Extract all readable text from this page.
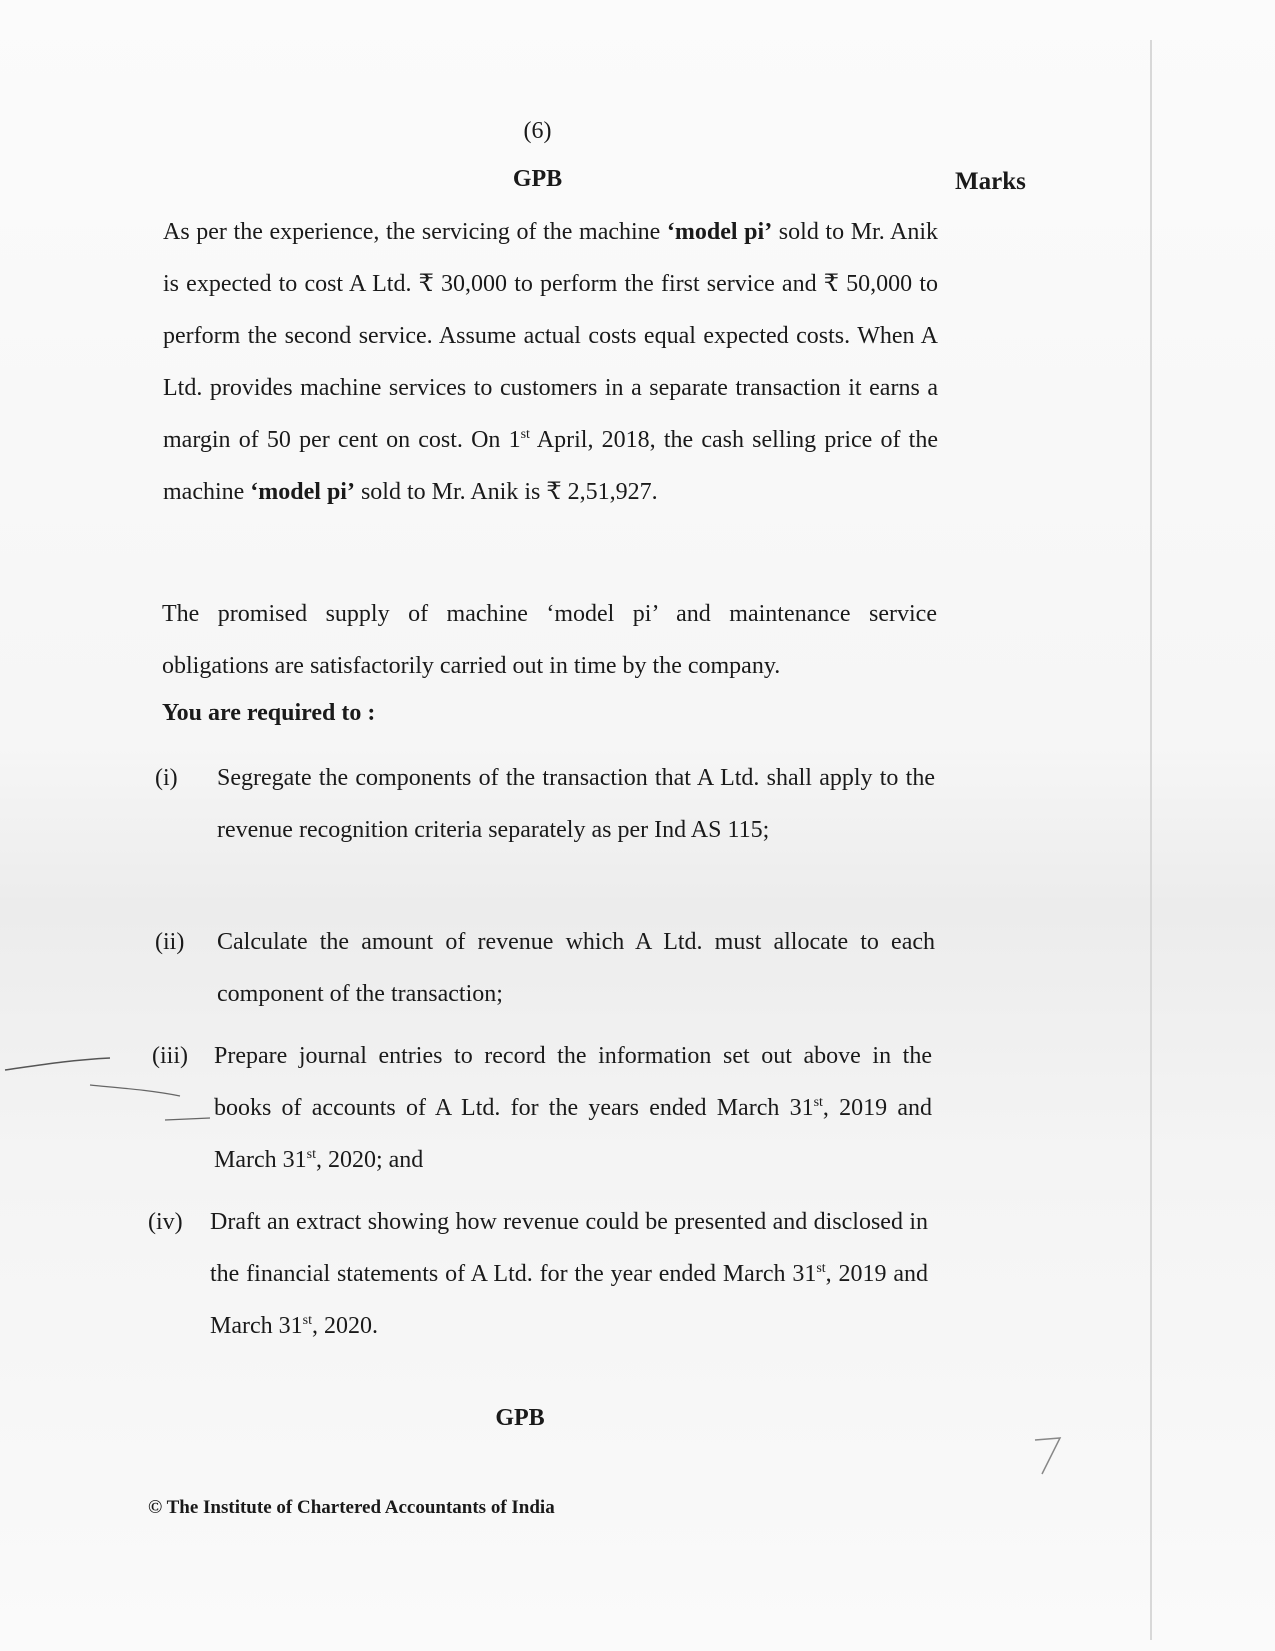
(6)
GPB	Marks
As per the experience, the servicing of the machine ‘model pi’ sold to Mr. Anik is expected to cost A Ltd. ₹ 30,000 to perform the first service and ₹ 50,000 to perform the second service. Assume actual costs equal expected costs. When A Ltd. provides machine services to customers in a separate transaction it earns a margin of 50 per cent on cost. On 1st April, 2018, the cash selling price of the machine ‘model pi’ sold to Mr. Anik is ₹ 2,51,927.
The promised supply of machine ‘model pi’ and maintenance service obligations are satisfactorily carried out in time by the company.
You are required to :
(i)	Segregate the components of the transaction that A Ltd. shall apply to the revenue recognition criteria separately as per Ind AS 115;
(ii)	Calculate the amount of revenue which A Ltd. must allocate to each component of the transaction;
(iii)	Prepare journal entries to record the information set out above in the books of accounts of A Ltd. for the years ended March 31st, 2019 and March 31st, 2020; and
(iv)	Draft an extract showing how revenue could be presented and disclosed in the financial statements of A Ltd. for the year ended March 31st, 2019 and March 31st, 2020.
GPB
© The Institute of Chartered Accountants of India
